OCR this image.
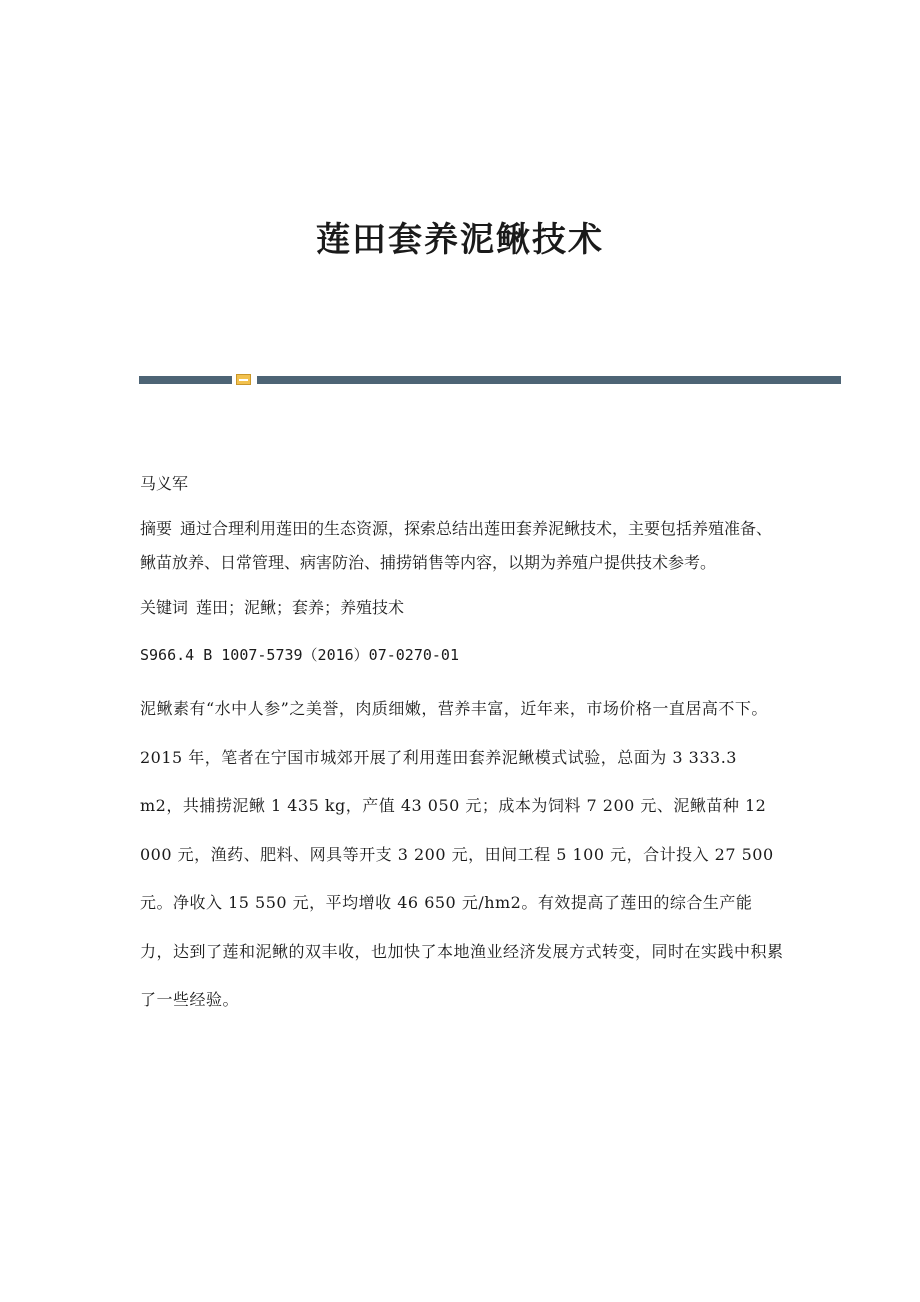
莲田套养泥鳅技术

马义军

摘要 通过合理利用莲田的生态资源，探索总结出莲田套养泥鳅技术，主要包括养殖准备、鳅苗放养、日常管理、病害防治、捕捞销售等内容，以期为养殖户提供技术参考。

关键词 莲田；泥鳅；套养；养殖技术

S966.4 B 1007-5739（2016）07-0270-01

泥鳅素有“水中人参”之美誉，肉质细嫩，营养丰富，近年来，市场价格一直居高不下。2015 年，笔者在宁国市城郊开展了利用莲田套养泥鳅模式试验，总面为 3 333.3 m2，共捕捞泥鳅 1 435 kg，产值 43 050 元；成本为饲料 7 200 元、泥鳅苗种 12 000 元，渔药、肥料、网具等开支 3 200 元，田间工程 5 100 元，合计投入 27 500 元。净收入 15 550 元，平均增收 46 650 元/hm2。有效提高了莲田的综合生产能力，达到了莲和泥鳅的双丰收，也加快了本地渔业经济发展方式转变，同时在实践中积累了一些经验。
